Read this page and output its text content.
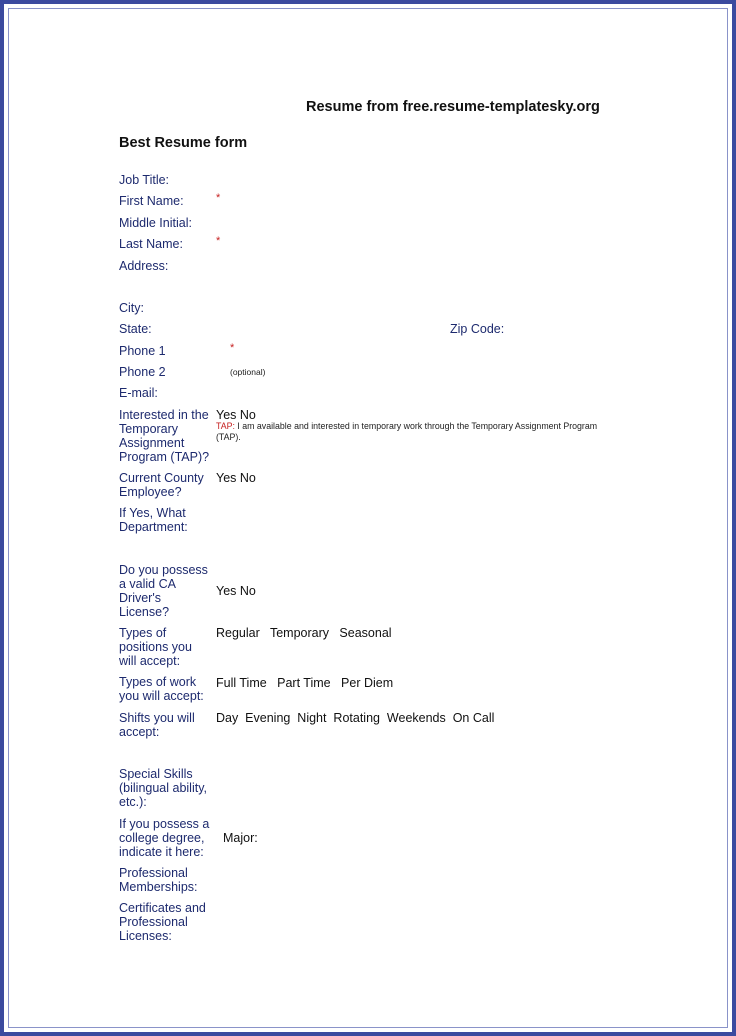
Resume from free.resume-templatesky.org
Best Resume form
Job Title:
First Name:	*
Middle Initial:
Last Name:	*
Address:
City:
State:	Zip Code:
Phone 1	*
Phone 2	(optional)
E-mail:
Interested in the Temporary Assignment Program (TAP)?
Yes No
TAP: I am available and interested in temporary work through the Temporary Assignment Program (TAP).
Current County Employee?
Yes No
If Yes, What Department:
Do you possess a valid CA Driver's License?
Yes No
Types of positions you will accept:
Regular   Temporary   Seasonal
Types of work you will accept:
Full Time   Part Time   Per Diem
Shifts you will accept:
Day  Evening  Night  Rotating  Weekends  On Call
Special Skills (bilingual ability, etc.):
If you possess a college degree, indicate it here:
Major:
Professional Memberships:
Certificates and Professional Licenses:
